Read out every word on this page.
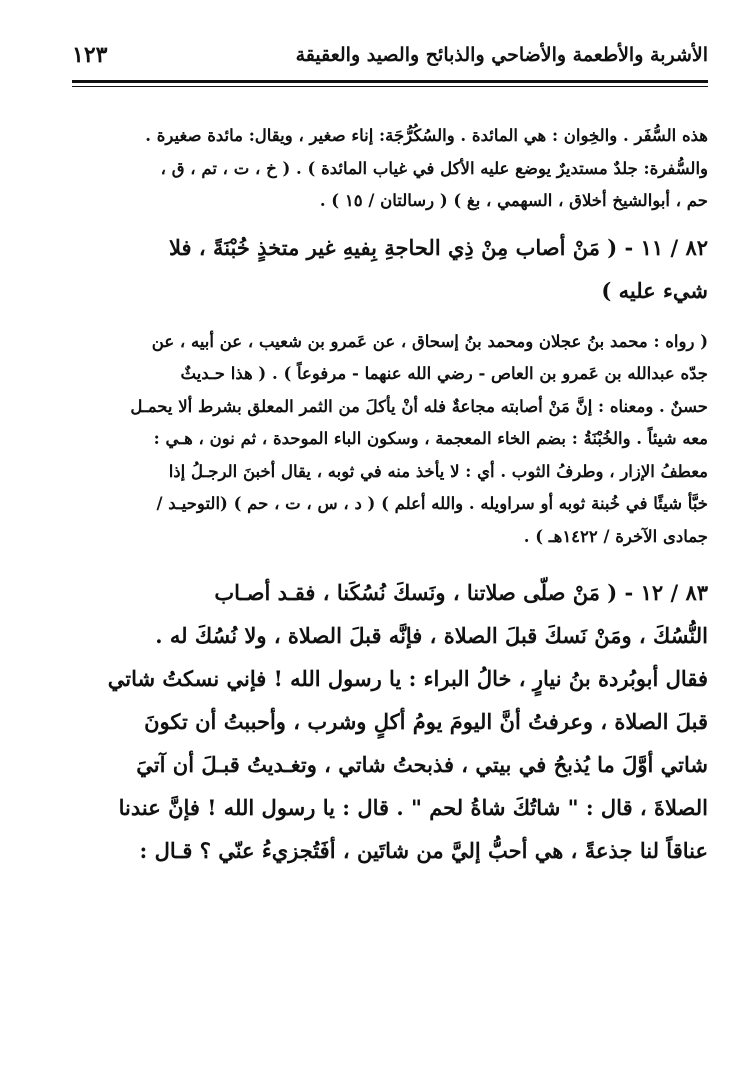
الأشربة والأطعمة والأضاحي والذبائح والصيد والعقيقة
١٢٣
هذه السُّفَر . والخِوان : هي المائدة . والسُكُرُّجَة: إناء صغير ، ويقال: مائدة صغيرة .
والسُّفرة: جلدٌ مستديرٌ يوضع عليه الأكل في غياب المائدة ) . ( خ ، ت ، تم ، ق ،
حم ، أبوالشيخ أخلاق ، السهمي ، بغ ) ( رسالتان / ١٥ ) .
٨٢ / ١١ - ( مَنْ أصاب مِنْ ذِي الحاجةِ بِفيهِ غير متخذٍ خُبْنَةً ، فلا
شيء عليه )
( رواه : محمد بنُ عجلان ومحمد بنُ إسحاق ، عن عَمرو بن شعيب ، عن أبيه ، عن
جدّه عبدالله بن عَمرو بن العاص - رضي الله عنهما - مرفوعاً ) . ( هذا حـديثٌ
حسنٌ . ومعناه : إنَّ مَنْ أصابته مجاعةٌ فله أنْ يأكلَ من الثمر المعلق بشرط ألا يحمـل
معه شيئاً . والخُبْنَةُ : بضم الخاء المعجمة ، وسكون الباء الموحدة ، ثم نون ، هـي :
معطفُ الإزار ، وطرفُ الثوب . أي : لا يأخذ منه في ثوبه ، يقال أخبنَ الرجـلُ إذا
خبَّأ شيئًا في خُبنة ثوبه أو سراويله . والله أعلم ) ( د ، س ، ت ، حم ) (التوحيـد /
جمادى الآخرة / ١٤٢٢هـ ) .
٨٣ / ١٢ - ( مَنْ صلّى صلاتنا ، ونَسكَ نُسُكَنا ، فقـد أصـاب
النُّسُكَ ، ومَنْ نَسكَ قبلَ الصلاة ، فإنَّه قبلَ الصلاة ، ولا نُسُكَ له .
فقال أبوبُردة بنُ نيارٍ ، خالُ البراء : يا رسول الله ! فإني نسكتُ شاتي
قبلَ الصلاة ، وعرفتُ أنَّ اليومَ يومُ أكلٍ وشرب ، وأحببتُ أن تكونَ
شاتي أوَّلَ ما يُذبحُ في بيتي ، فذبحتُ شاتي ، وتغـديتُ قبـلَ أن آتيَ
الصلاةَ ، قال : " شاتُكَ شاةُ لحم " . قال : يا رسول الله ! فإنَّ عندنا
عناقاً لنا جذعةً ، هي أحبُّ إليَّ من شاتَين ، أفَتُجزيءُ عنّي ؟ قـال :
